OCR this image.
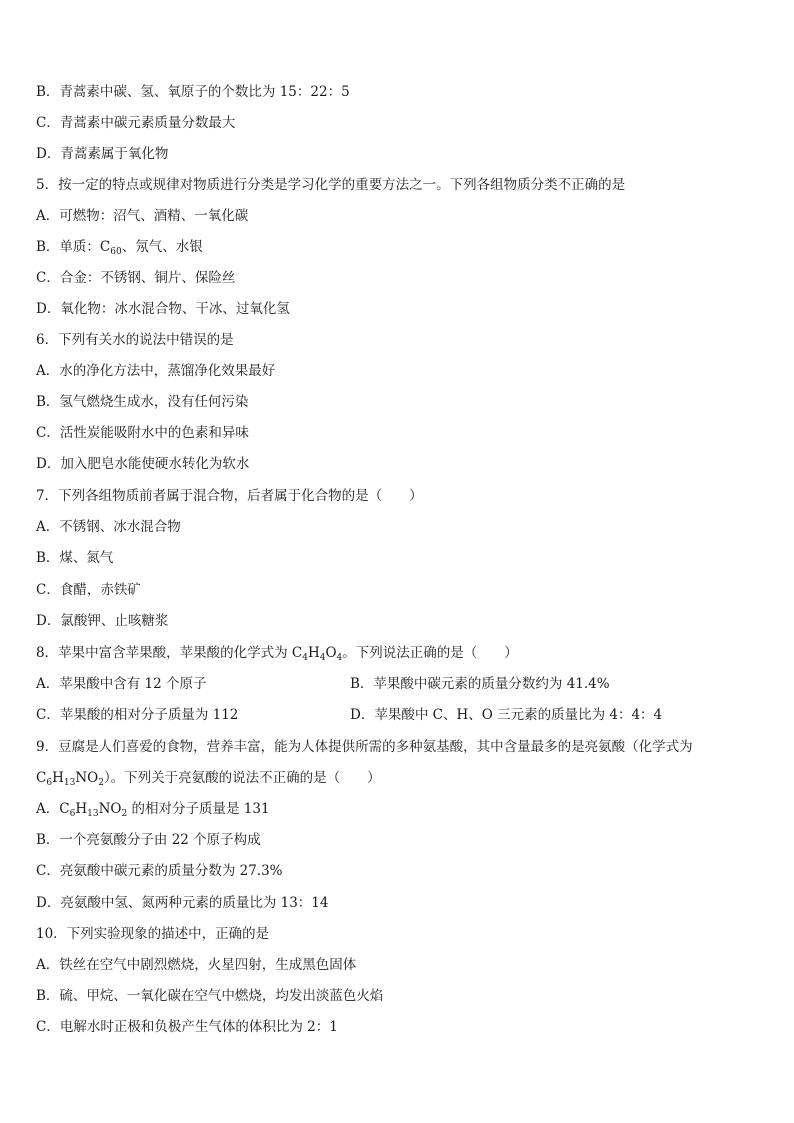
B．青蒿素中碳、氢、氧原子的个数比为 15：22：5
C．青蒿素中碳元素质量分数最大
D．青蒿素属于氧化物
5．按一定的特点或规律对物质进行分类是学习化学的重要方法之一。下列各组物质分类不正确的是
A．可燃物：沼气、酒精、一氧化碳
B．单质：$C_{60}$、氖气、水银
C．合金：不锈钢、铜片、保险丝
D．氧化物：冰水混合物、干冰、过氧化氢
6．下列有关水的说法中错误的是
A．水的净化方法中，蒸馏净化效果最好
B．氢气燃烧生成水，没有任何污染
C．活性炭能吸附水中的色素和异味
D．加入肥皂水能使硬水转化为软水
7．下列各组物质前者属于混合物，后者属于化合物的是（　　）
A．不锈钢、冰水混合物
B．煤、氮气
C．食醋，赤铁矿
D．氯酸钾、止咳糖浆
8．苹果中富含苹果酸，苹果酸的化学式为 $C_4H_4O_4$。下列说法正确的是（　　）
A．苹果酸中含有 12 个原子	B．苹果酸中碳元素的质量分数约为 41.4%
C．苹果酸的相对分子质量为 112	D．苹果酸中 C、H、O 三元素的质量比为 4：4：4
9．豆腐是人们喜爱的食物，营养丰富，能为人体提供所需的多种氨基酸，其中含量最多的是亮氨酸（化学式为
$C_6H_{13}NO_2$）。下列关于亮氨酸的说法不正确的是（　　）
A．$C_6H_{13}NO_2$ 的相对分子质量是 131
B．一个亮氨酸分子由 22 个原子构成
C．亮氨酸中碳元素的质量分数为 27.3%
D．亮氨酸中氢、氮两种元素的质量比为 13：14
10．下列实验现象的描述中，正确的是
A．铁丝在空气中剧烈燃烧，火星四射，生成黑色固体
B．硫、甲烷、一氧化碳在空气中燃烧，均发出淡蓝色火焰
C．电解水时正极和负极产生气体的体积比为 2：1
